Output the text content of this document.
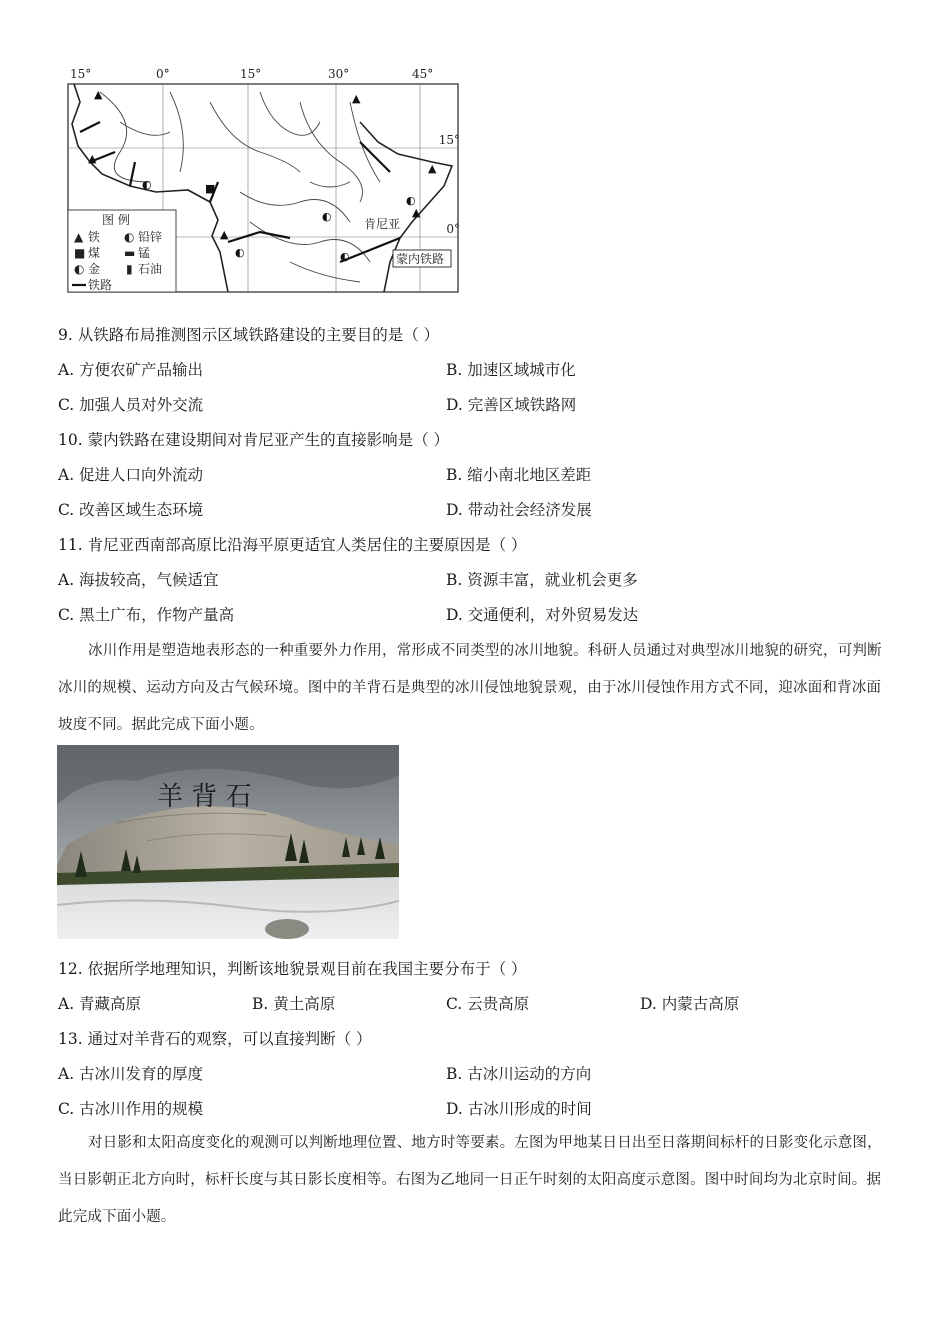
15°	0°	15°	30°	45°
15°
0°
▲
▲
◐	■
▲
◐
◐
◐
▲
◐
▲
▲
肯尼亚
蒙内铁路
图 例
▲ 铁 ◐ 铅锌
■ 煤 ▬ 锰
◐ 金 ▮ 石油
铁路
9. 从铁路布局推测图示区域铁路建设的主要目的是（ ）
A. 方便农矿产品输出	B. 加速区域城市化
C. 加强人员对外交流	D. 完善区域铁路网
10. 蒙内铁路在建设期间对肯尼亚产生的直接影响是（ ）
A. 促进人口向外流动	B. 缩小南北地区差距
C. 改善区域生态环境	D. 带动社会经济发展
11. 肯尼亚西南部高原比沿海平原更适宜人类居住的主要原因是（ ）
A. 海拔较高，气候适宜	B. 资源丰富，就业机会更多
C. 黑土广布，作物产量高	D. 交通便利，对外贸易发达
冰川作用是塑造地表形态的一种重要外力作用，常形成不同类型的冰川地貌。科研人员通过对典型冰川地貌的研究，可判断冰川的规模、运动方向及古气候环境。图中的羊背石是典型的冰川侵蚀地貌景观，由于冰川侵蚀作用方式不同，迎冰面和背冰面坡度不同。据此完成下面小题。
羊 背 石
12. 依据所学地理知识，判断该地貌景观目前在我国主要分布于（ ）
A. 青藏高原	B. 黄土高原	C. 云贵高原	D. 内蒙古高原
13. 通过对羊背石的观察，可以直接判断（ ）
A. 古冰川发育的厚度	B. 古冰川运动的方向
C. 古冰川作用的规模	D. 古冰川形成的时间
对日影和太阳高度变化的观测可以判断地理位置、地方时等要素。左图为甲地某日日出至日落期间标杆的日影变化示意图，当日影朝正北方向时，标杆长度与其日影长度相等。右图为乙地同一日正午时刻的太阳高度示意图。图中时间均为北京时间。据此完成下面小题。
